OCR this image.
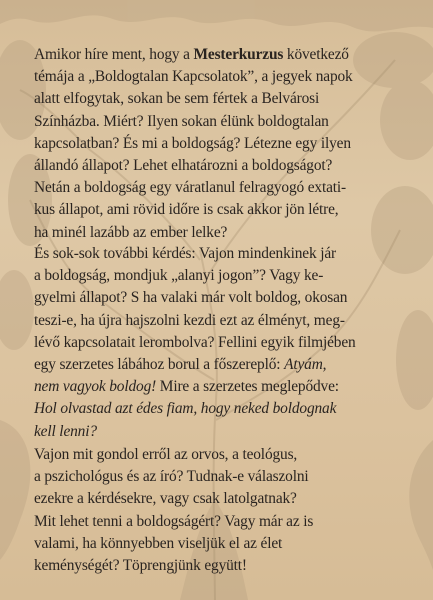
Amikor híre ment, hogy a Mesterkurzus következő
témája a „Boldogtalan Kapcsolatok”, a jegyek napok
alatt elfogytak, sokan be sem fértek a Belvárosi
Színházba. Miért? Ilyen sokan élünk boldogtalan
kapcsolatban? És mi a boldogság? Létezne egy ilyen
állandó állapot? Lehet elhatározni a boldogságot?
Netán a boldogság egy váratlanul felragyogó extati-
kus állapot, ami rövid időre is csak akkor jön létre,
ha minél lazább az ember lelke?
És sok-sok további kérdés: Vajon mindenkinek jár
a boldogság, mondjuk „alanyi jogon”? Vagy ke-
gyelmi állapot? S ha valaki már volt boldog, okosan
teszi-e, ha újra hajszolni kezdi ezt az élményt, meg-
lévő kapcsolatait lerombolva? Fellini egyik filmjében
egy szerzetes lábához borul a főszereplő: Atyám,
nem vagyok boldog! Mire a szerzetes meglepődve:
Hol olvastad azt édes fiam, hogy neked boldognak
kell lenni?
Vajon mit gondol erről az orvos, a teológus,
a pszichológus és az író? Tudnak-e válaszolni
ezekre a kérdésekre, vagy csak latolgatnak?
Mit lehet tenni a boldogságért? Vagy már az is
valami, ha könnyebben viseljük el az élet
keménységét? Töprengjünk együtt!
